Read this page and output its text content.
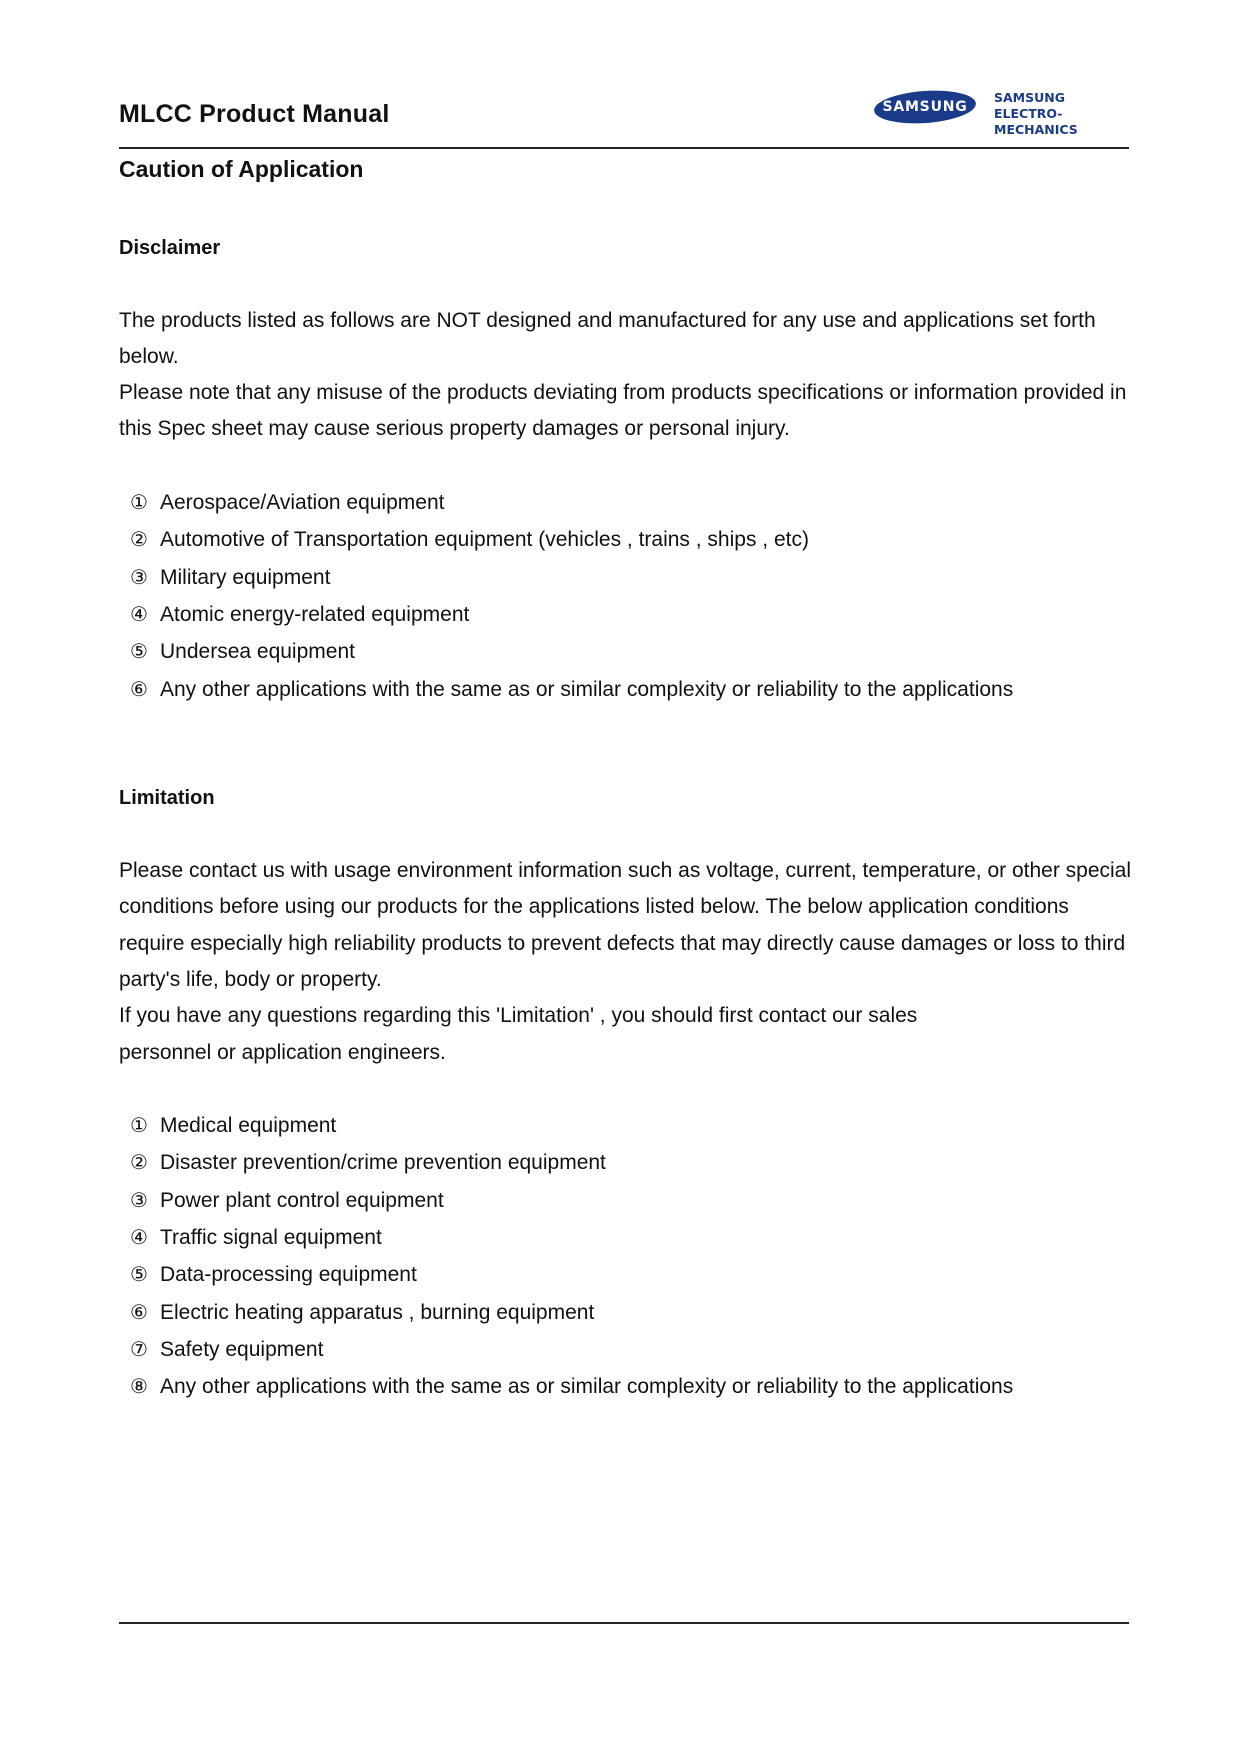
MLCC Product Manual	SAMSUNG
SAMSUNG
ELECTRO-MECHANICS
Caution of Application
Disclaimer

The products listed as follows are NOT designed and manufactured for any use and applications set forth below.

Please note that any misuse of the products deviating from products specifications or information provided in this Spec sheet may cause serious property damages or personal injury.

① Aerospace/Aviation equipment
② Automotive of Transportation equipment (vehicles , trains , ships , etc)
③ Military equipment
④ Atomic energy-related equipment
⑤ Undersea equipment
⑥ Any other applications with the same as or similar complexity or reliability to the applications
Limitation

Please contact us with usage environment information such as voltage, current, temperature, or other special conditions before using our products for the applications listed below. The below application conditions require especially high reliability products to prevent defects that may directly cause damages or loss to third party's life, body or property.

If you have any questions regarding this 'Limitation' , you should first contact our sales
personnel or application engineers.

① Medical equipment
② Disaster prevention/crime prevention equipment
③ Power plant control equipment
④ Traffic signal equipment
⑤ Data-processing equipment
⑥ Electric heating apparatus , burning equipment
⑦ Safety equipment
⑧ Any other applications with the same as or similar complexity or reliability to the applications
